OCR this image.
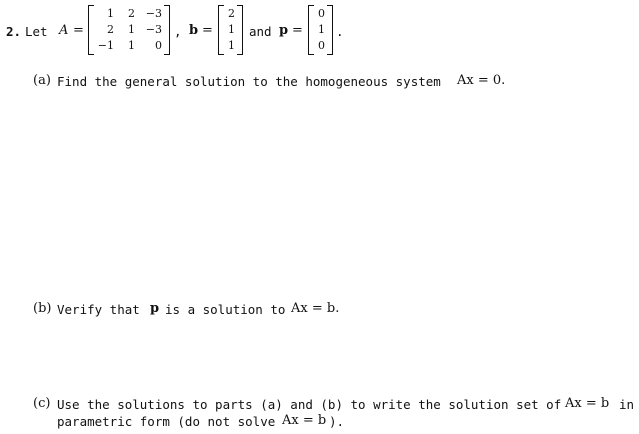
2. Let A =
1	2 −3
2	1 −3
−1	1	0
, b =
2
1
1
and p =
0
1
0
.
(a) Find the general solution to the homogeneous system Ax = 0.
(b) Verify that p is a solution to Ax = b.
(c) Use the solutions to parts (a) and (b) to write the solution set of Ax = b in
parametric form (do not solve Ax = b ).
